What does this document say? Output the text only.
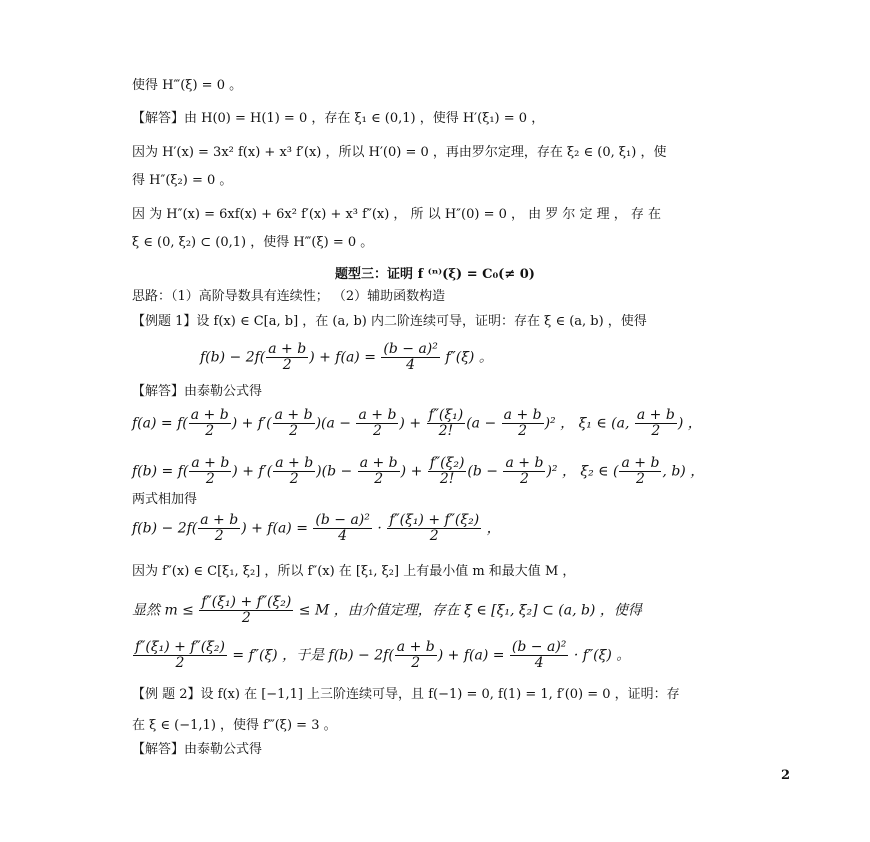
使得 H‴(ξ) = 0 。
【解答】由 H(0) = H(1) = 0 ，存在 ξ₁ ∈ (0,1) ，使得 H′(ξ₁) = 0 ，
因为 H′(x) = 3x² f(x) + x³ f′(x) ，所以 H′(0) = 0 ，再由罗尔定理，存在 ξ₂ ∈ (0, ξ₁) ，使
得 H″(ξ₂) = 0 。
因 为 H″(x) = 6xf(x) + 6x² f′(x) + x³ f″(x) ， 所 以 H″(0) = 0 ， 由 罗 尔 定 理 ， 存 在
ξ ∈ (0, ξ₂) ⊂ (0,1) ，使得 H‴(ξ) = 0 。
题型三：证明 f ⁽ⁿ⁾(ξ) = C₀(≠ 0)
思路：（1）高阶导数具有连续性； （2）辅助函数构造
【例题 1】设 f(x) ∈ C[a, b] ，在 (a, b) 内二阶连续可导，证明：存在 ξ ∈ (a, b) ，使得
$f(b) - 2f( \frac{a + b}{2}$ ) + $f(a) = \frac{\text{(b − a)²}}{4} f''(\xi)$ 。
【解答】由泰勒公式得
$f(a) = f( \frac{a + b}{2}$ ) + $f'( \frac{a + b}{2} )(a - \frac{a + b}{2}$ ) + $\frac{\text{f″(ξ₁)}}{2!} (a - \frac{a + b}{2} )^2$ ， ξ₁ ∈ (a, $\frac{a + b}{2}$ ) ，
$f(b) = f( \frac{a + b}{2}$ ) + $f'( \frac{a + b}{2} )(b - \frac{a + b}{2}$ ) + $\frac{\text{f″(ξ₂)}}{2!} (b - \frac{a + b}{2} )^2$ ， ξ₂ ∈ ( $\frac{a + b}{2}$ , b) ，
两式相加得
$f(b) - 2f( \frac{a + b}{2}$ ) + $f(a) = \frac{\text{(b − a)²}}{4} \cdot \frac{\text{f″(ξ₁) + f″(ξ₂)}}{2}$ ，
因为 f″(x) ∈ C[ξ₁, ξ₂] ，所以 f″(x) 在 [ξ₁, ξ₂] 上有最小值 m 和最大值 M ，
显然 $m \le \frac{\text{f″(ξ₁) + f″(ξ₂)}}{2} \le M$ ，由介值定理，存在 ξ ∈ [ξ₁, ξ₂] ⊂ (a, b) ，使得
$\frac{\text{f″(ξ₁) + f″(ξ₂)}}{2} = f''(\xi)$ ，于是 $f(b) - 2f( \frac{a + b}{2}$ ) + $f(a) = \frac{\text{(b − a)²}}{4} \cdot f''(\xi)$ 。
【例 题 2】设 f(x) 在 [−1,1] 上三阶连续可导，且 f(−1) = 0, f(1) = 1, f′(0) = 0 ，证明：存
在 ξ ∈ (−1,1) ，使得 f‴(ξ) = 3 。
【解答】由泰勒公式得
2
